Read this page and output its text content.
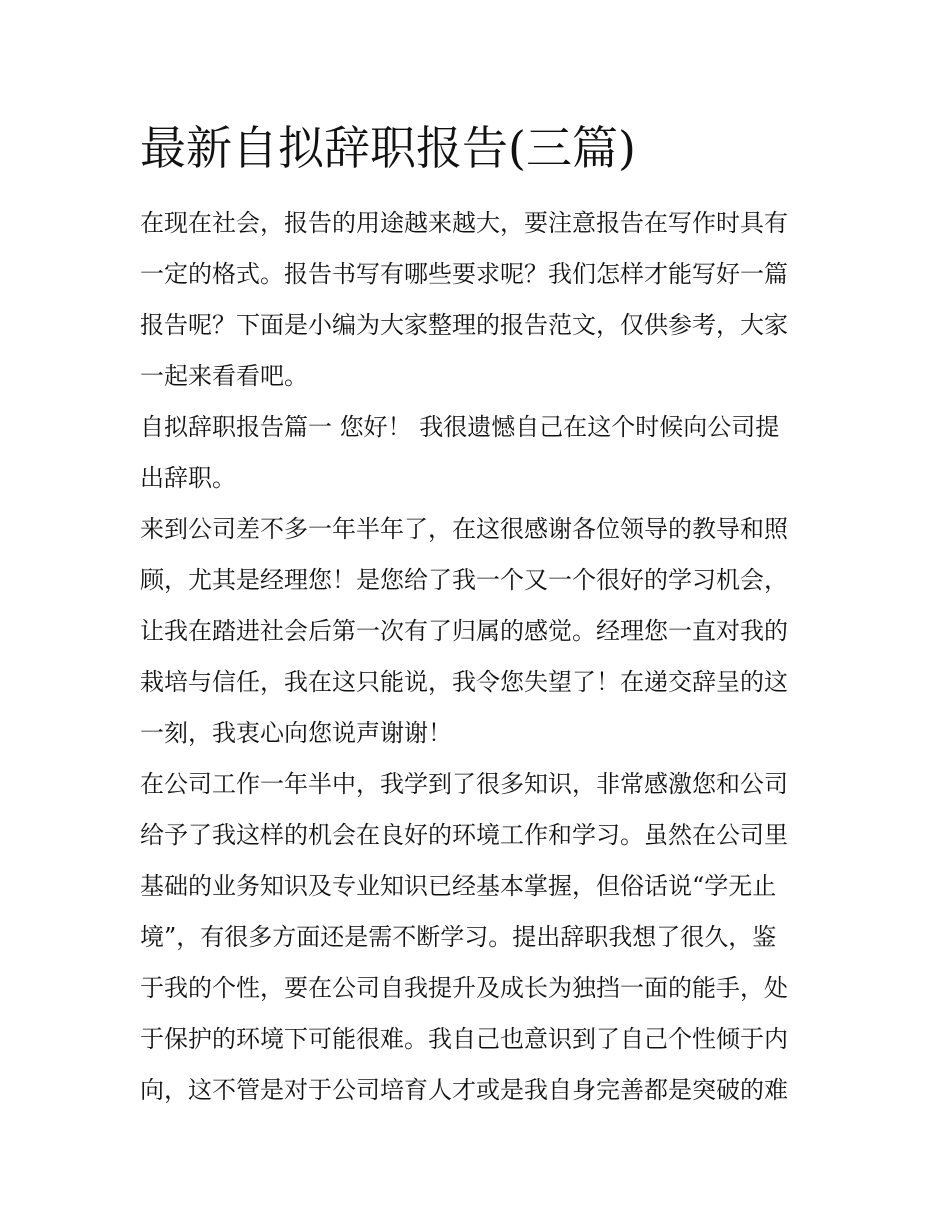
最新自拟辞职报告(三篇)
在现在社会，报告的用途越来越大，要注意报告在写作时具有
一定的格式。报告书写有哪些要求呢？我们怎样才能写好一篇
报告呢？下面是小编为大家整理的报告范文，仅供参考，大家
一起来看看吧。
自拟辞职报告篇一 您好！ 我很遗憾自己在这个时候向公司提
出辞职。
来到公司差不多一年半年了，在这很感谢各位领导的教导和照
顾，尤其是经理您！是您给了我一个又一个很好的学习机会，
让我在踏进社会后第一次有了归属的感觉。经理您一直对我的
栽培与信任，我在这只能说，我令您失望了！在递交辞呈的这
一刻，我衷心向您说声谢谢！
在公司工作一年半中，我学到了很多知识，非常感激您和公司
给予了我这样的机会在良好的环境工作和学习。虽然在公司里
基础的业务知识及专业知识已经基本掌握，但俗话说“学无止
境”，有很多方面还是需不断学习。提出辞职我想了很久，鉴
于我的个性，要在公司自我提升及成长为独挡一面的能手，处
于保护的环境下可能很难。我自己也意识到了自己个性倾于内
向，这不管是对于公司培育人才或是我自身完善都是突破的难
